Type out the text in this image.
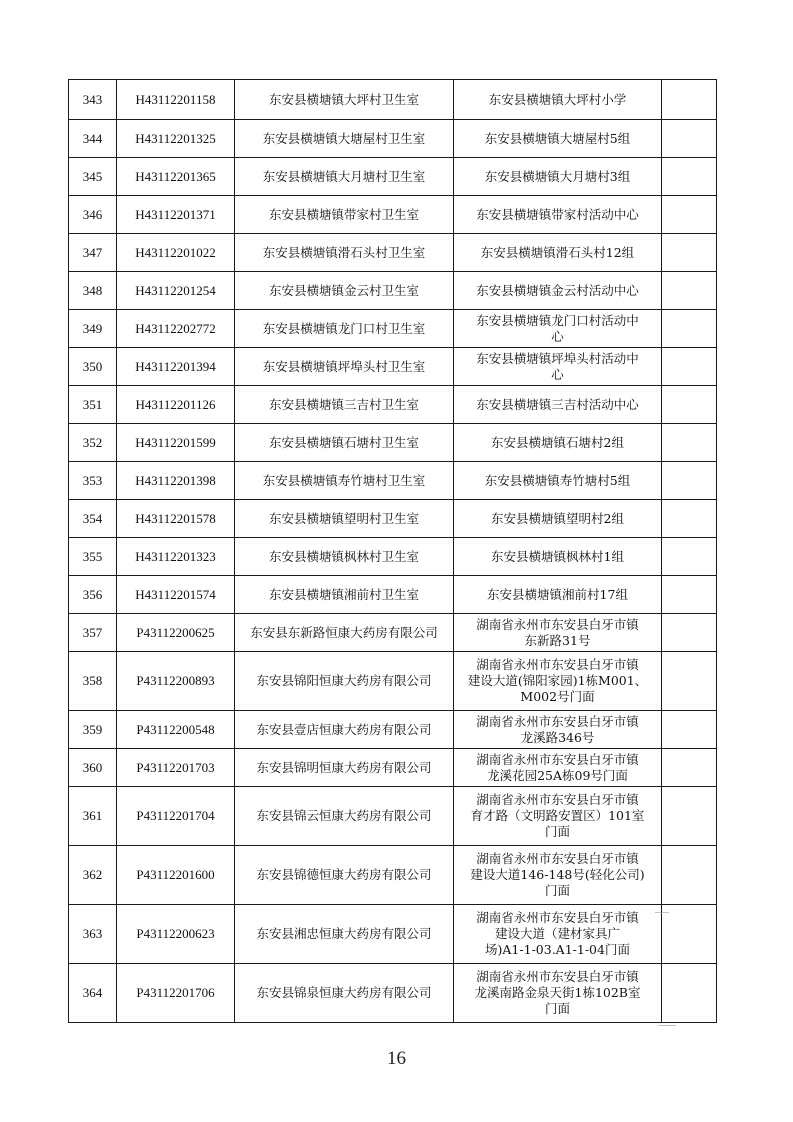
343	H43112201158	东安县横塘镇大坪村卫生室	东安县横塘镇大坪村小学	
344	H43112201325	东安县横塘镇大塘屋村卫生室	东安县横塘镇大塘屋村5组	
345	H43112201365	东安县横塘镇大月塘村卫生室	东安县横塘镇大月塘村3组	
346	H43112201371	东安县横塘镇带家村卫生室	东安县横塘镇带家村活动中心	
347	H43112201022	东安县横塘镇滑石头村卫生室	东安县横塘镇滑石头村12组	
348	H43112201254	东安县横塘镇金云村卫生室	东安县横塘镇金云村活动中心	
349	H43112202772	东安县横塘镇龙门口村卫生室	东安县横塘镇龙门口村活动中
心	
350	H43112201394	东安县横塘镇坪埠头村卫生室	东安县横塘镇坪埠头村活动中
心	
351	H43112201126	东安县横塘镇三吉村卫生室	东安县横塘镇三吉村活动中心	
352	H43112201599	东安县横塘镇石塘村卫生室	东安县横塘镇石塘村2组	
353	H43112201398	东安县横塘镇寿竹塘村卫生室	东安县横塘镇寿竹塘村5组	
354	H43112201578	东安县横塘镇望明村卫生室	东安县横塘镇望明村2组	
355	H43112201323	东安县横塘镇枫林村卫生室	东安县横塘镇枫林村1组	
356	H43112201574	东安县横塘镇湘前村卫生室	东安县横塘镇湘前村17组	
357	P43112200625	东安县东新路恒康大药房有限公司	湖南省永州市东安县白牙市镇
东新路31号	
358	P43112200893	东安县锦阳恒康大药房有限公司	湖南省永州市东安县白牙市镇
建设大道(锦阳家园)1栋M001、
M002号门面	
359	P43112200548	东安县壹店恒康大药房有限公司	湖南省永州市东安县白牙市镇
龙溪路346号	
360	P43112201703	东安县锦明恒康大药房有限公司	湖南省永州市东安县白牙市镇
龙溪花园25A栋09号门面	
361	P43112201704	东安县锦云恒康大药房有限公司	湖南省永州市东安县白牙市镇
育才路（文明路安置区）101室
门面	
362	P43112201600	东安县锦德恒康大药房有限公司	湖南省永州市东安县白牙市镇
建设大道146-148号(轻化公司)
门面	
363	P43112200623	东安县湘忠恒康大药房有限公司	湖南省永州市东安县白牙市镇
建设大道（建材家具广
场)A1-1-03.A1-1-04门面	
364	P43112201706	东安县锦泉恒康大药房有限公司	湖南省永州市东安县白牙市镇
龙溪南路金泉天街1栋102B室
门面	
16
